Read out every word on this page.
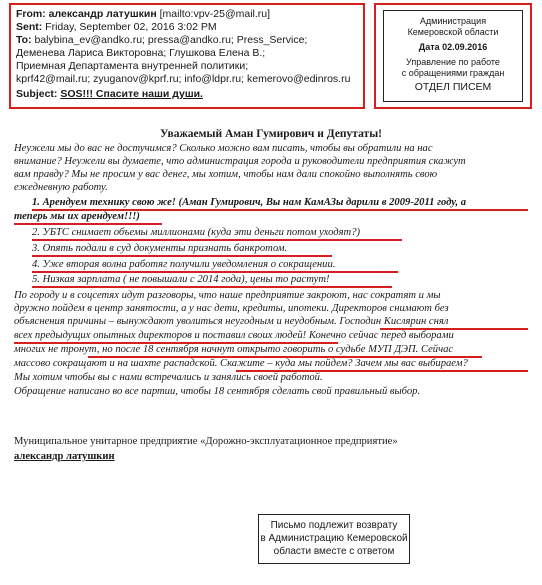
From: александр латушкин [mailto:vpv-25@mail.ru]
Sent: Friday, September 02, 2016 3:02 PM
To: balybina_ev@andko.ru; pressa@andko.ru; Press_Service;
Деменева Лариса Викторовна; Глушкова Елена В.;
Приемная Департамента внутренней политики;
kprf42@mail.ru; zyuganov@kprf.ru; info@ldpr.ru; kemerovo@edinros.ru
Subject: SOS!!! Спасите наши души.
Администрация
Кемеровской области
Дата 02.09.2016
Управление по работе
с обращениями граждан
ОТДЕЛ ПИСЕМ
Уважаемый Аман Гумирович и Депутаты!
Неужели мы до вас не достучимся? Сколько можно вам писать, чтобы вы обратили на нас
внимание? Неужели вы думаете, что администрация города и руководители предприятия скажут
вам правду? Мы не просим у вас денег, мы хотим, чтобы нам дали спокойно выполнять свою
ежедневную работу.
1. Арендуем технику свою же! (Аман Гумирович, Вы нам КамАЗы дарили в 2009-2011 году, а
теперь мы их арендуем!!!)
2. УБТС снимает объемы миллионами (куда эти деньги потом уходят?)
3. Опять подали в суд документы признать банкротом.
4. Уже вторая волна работяг получили уведомления о сокращении.
5. Низкая зарплата ( не повышали с 2014 года), цены то растут!
По городу и в соцсетях идут разговоры, что наше предприятие закроют, нас сократят и мы
дружно пойдем в центр занятости, а у нас дети, кредиты, ипотеки. Директоров снимают без
объяснения причины – вынуждают уволиться неугодным и неудобным. Господин Кислярин снял
всех предыдущих опытных директоров и поставил своих людей! Конечно сейчас перед выборами
многих не тронут, но после 18 сентября начнут открыто говорить о судьбе МУП ДЭП. Сейчас
массово сокращают и на шахте распадской. Скажите – куда мы пойдем? Зачем мы вас выбираем?
Мы хотим чтобы вы с нами встречались и занялись своей работой.
Обращение написано во все партии, чтобы 18 сентября сделать свой правильный выбор.
Муниципальное унитарное предприятие «Дорожно-эксплуатационное предприятие»
александр латушкин
Письмо подлежит возврату
в Администрацию Кемеровской
области вместе с ответом
